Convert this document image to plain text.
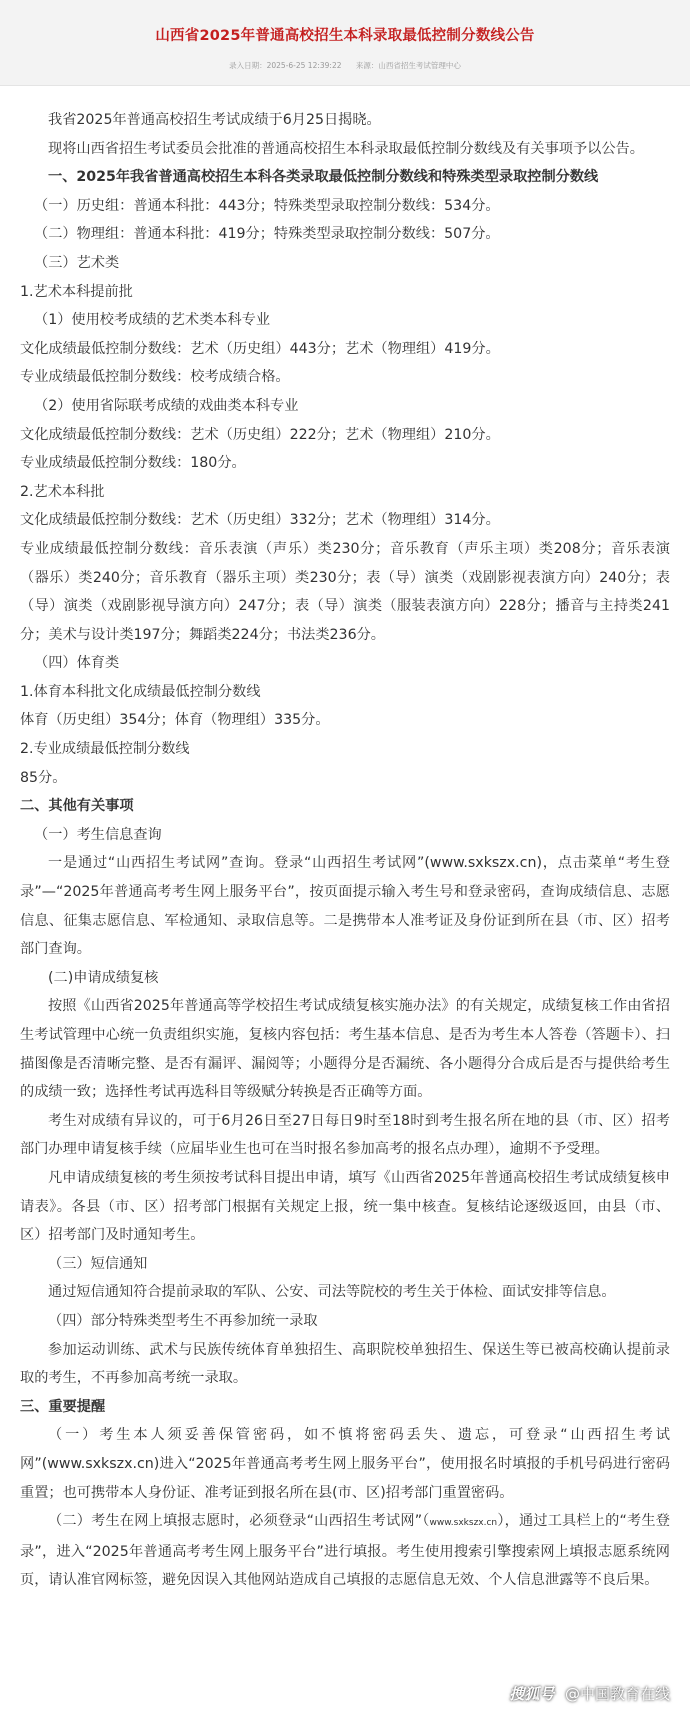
山西省2025年普通高校招生本科录取最低控制分数线公告
录入日期：2025-6-25 12:39:22 来源：山西省招生考试管理中心

我省2025年普通高校招生考试成绩于6月25日揭晓。

现将山西省招生考试委员会批准的普通高校招生本科录取最低控制分数线及有关事项予以公告。

一、2025年我省普通高校招生本科各类录取最低控制分数线和特殊类型录取控制分数线

（一）历史组：普通本科批：443分；特殊类型录取控制分数线：534分。

（二）物理组：普通本科批：419分；特殊类型录取控制分数线：507分。

（三）艺术类

1.艺术本科提前批

（1）使用校考成绩的艺术类本科专业

文化成绩最低控制分数线：艺术（历史组）443分；艺术（物理组）419分。

专业成绩最低控制分数线：校考成绩合格。

（2）使用省际联考成绩的戏曲类本科专业

文化成绩最低控制分数线：艺术（历史组）222分；艺术（物理组）210分。

专业成绩最低控制分数线：180分。

2.艺术本科批

文化成绩最低控制分数线：艺术（历史组）332分；艺术（物理组）314分。

专业成绩最低控制分数线：音乐表演（声乐）类230分；音乐教育（声乐主项）类208分；音乐表演（器乐）类240分；音乐教育（器乐主项）类230分；表（导）演类（戏剧影视表演方向）240分；表（导）演类（戏剧影视导演方向）247分；表（导）演类（服装表演方向）228分；播音与主持类241分；美术与设计类197分；舞蹈类224分；书法类236分。

（四）体育类

1.体育本科批文化成绩最低控制分数线

体育（历史组）354分；体育（物理组）335分。

2.专业成绩最低控制分数线

85分。

二、其他有关事项

（一）考生信息查询

一是通过“山西招生考试网”查询。登录“山西招生考试网”(www.sxkszx.cn)，点击菜单“考生登录”—“2025年普通高考考生网上服务平台”，按页面提示输入考生号和登录密码，查询成绩信息、志愿信息、征集志愿信息、军检通知、录取信息等。二是携带本人准考证及身份证到所在县（市、区）招考部门查询。

(二)申请成绩复核

按照《山西省2025年普通高等学校招生考试成绩复核实施办法》的有关规定，成绩复核工作由省招生考试管理中心统一负责组织实施，复核内容包括：考生基本信息、是否为考生本人答卷（答题卡）、扫描图像是否清晰完整、是否有漏评、漏阅等；小题得分是否漏统、各小题得分合成后是否与提供给考生的成绩一致；选择性考试再选科目等级赋分转换是否正确等方面。

考生对成绩有异议的，可于6月26日至27日每日9时至18时到考生报名所在地的县（市、区）招考部门办理申请复核手续（应届毕业生也可在当时报名参加高考的报名点办理），逾期不予受理。

凡申请成绩复核的考生须按考试科目提出申请，填写《山西省2025年普通高校招生考试成绩复核申请表》。各县（市、区）招考部门根据有关规定上报，统一集中核查。复核结论逐级返回，由县（市、区）招考部门及时通知考生。

（三）短信通知

通过短信通知符合提前录取的军队、公安、司法等院校的考生关于体检、面试安排等信息。

（四）部分特殊类型考生不再参加统一录取

参加运动训练、武术与民族传统体育单独招生、高职院校单独招生、保送生等已被高校确认提前录取的考生，不再参加高考统一录取。

三、重要提醒

（一）考生本人须妥善保管密码，如不慎将密码丢失、遗忘，可登录“山西招生考试网”(www.sxkszx.cn)进入“2025年普通高考考生网上服务平台”，使用报名时填报的手机号码进行密码重置；也可携带本人身份证、准考证到报名所在县(市、区)招考部门重置密码。

（二）考生在网上填报志愿时，必须登录“山西招生考试网”（www.sxkszx.cn），通过工具栏上的“考生登录”，进入“2025年普通高考考生网上服务平台”进行填报。考生使用搜索引擎搜索网上填报志愿系统网页，请认准官网标签，避免因误入其他网站造成自己填报的志愿信息无效、个人信息泄露等不良后果。

搜狐号 @中国教育在线
